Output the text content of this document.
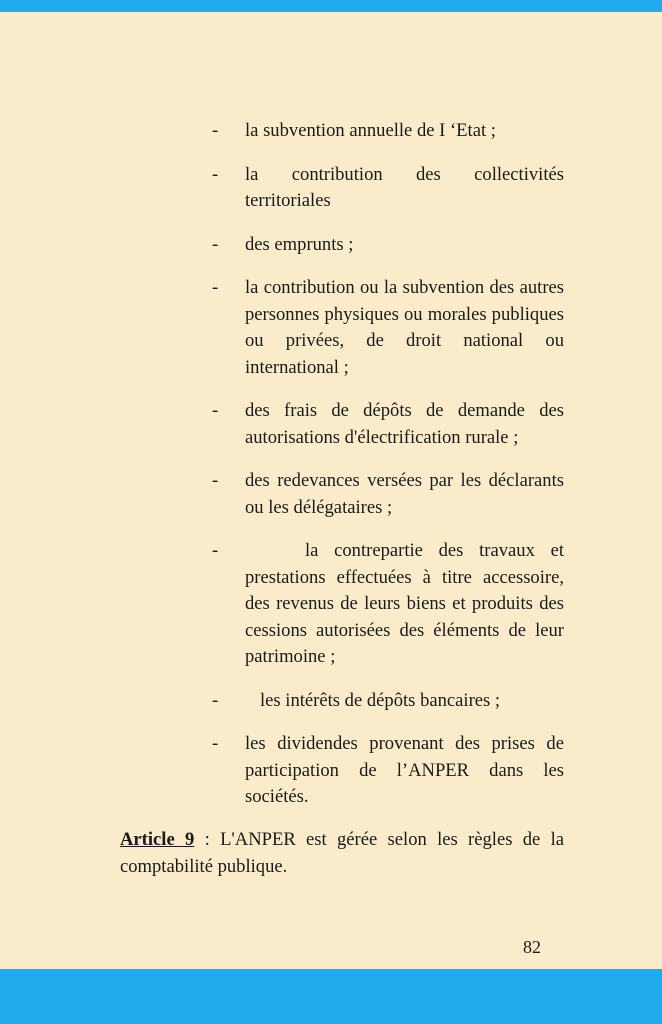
- la subvention annuelle de I ‘Etat ;
- la contribution des collectivités territoriales
- des emprunts ;
- la contribution ou la subvention des autres personnes physiques ou morales publiques ou privées, de droit national ou international ;
- des frais de dépôts de demande des autorisations d'électrification rurale ;
- des redevances versées par les déclarants ou les délégataires ;
-	la contrepartie des travaux et prestations effectuées à titre accessoire, des revenus de leurs biens et produits des cessions autorisées des éléments de leur patrimoine ;
- les intérêts de dépôts bancaires ;
- les dividendes provenant des prises de participation de l’ANPER dans les sociétés.

Article 9 : L'ANPER est gérée selon les règles de la comptabilité publique.

82
